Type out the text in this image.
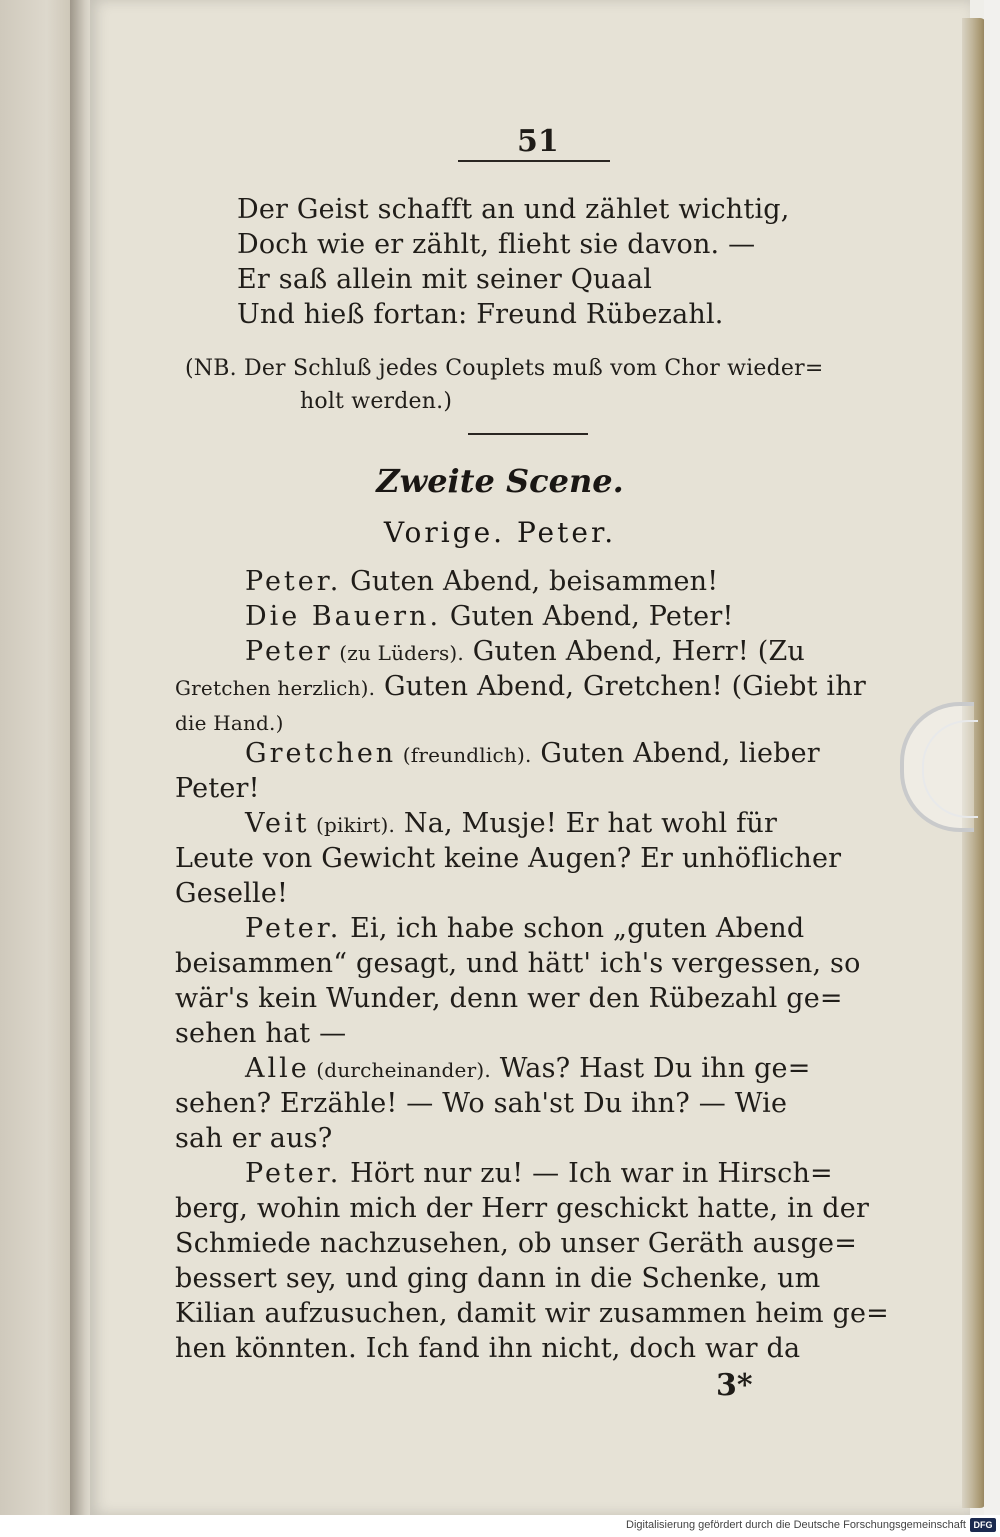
51
Der Geist schafft an und zählet wichtig,
Doch wie er zählt, flieht sie davon. —
Er saß allein mit seiner Quaal
Und hieß fortan: Freund Rübezahl.
(NB. Der Schluß jedes Couplets muß vom Chor wieder=
holt werden.)
Zweite Scene.
Vorige. Peter.
Peter. Guten Abend, beisammen!
Die Bauern. Guten Abend, Peter!
Peter (zu Lüders). Guten Abend, Herr! (Zu
Gretchen herzlich). Guten Abend, Gretchen! (Giebt ihr
die Hand.)
Gretchen (freundlich). Guten Abend, lieber
Peter!
Veit (pikirt). Na, Musje! Er hat wohl für
Leute von Gewicht keine Augen? Er unhöflicher
Geselle!
Peter. Ei, ich habe schon „guten Abend
beisammen“ gesagt, und hätt' ich's vergessen, so
wär's kein Wunder, denn wer den Rübezahl ge=
sehen hat —
Alle (durcheinander). Was? Hast Du ihn ge=
sehen? Erzähle! — Wo sah'st Du ihn? — Wie
sah er aus?
Peter. Hört nur zu! — Ich war in Hirsch=
berg, wohin mich der Herr geschickt hatte, in der
Schmiede nachzusehen, ob unser Geräth ausge=
bessert sey, und ging dann in die Schenke, um
Kilian aufzusuchen, damit wir zusammen heim ge=
hen könnten. Ich fand ihn nicht, doch war da
3*
Digitalisierung gefördert durch die Deutsche Forschungsgemeinschaft DFG
